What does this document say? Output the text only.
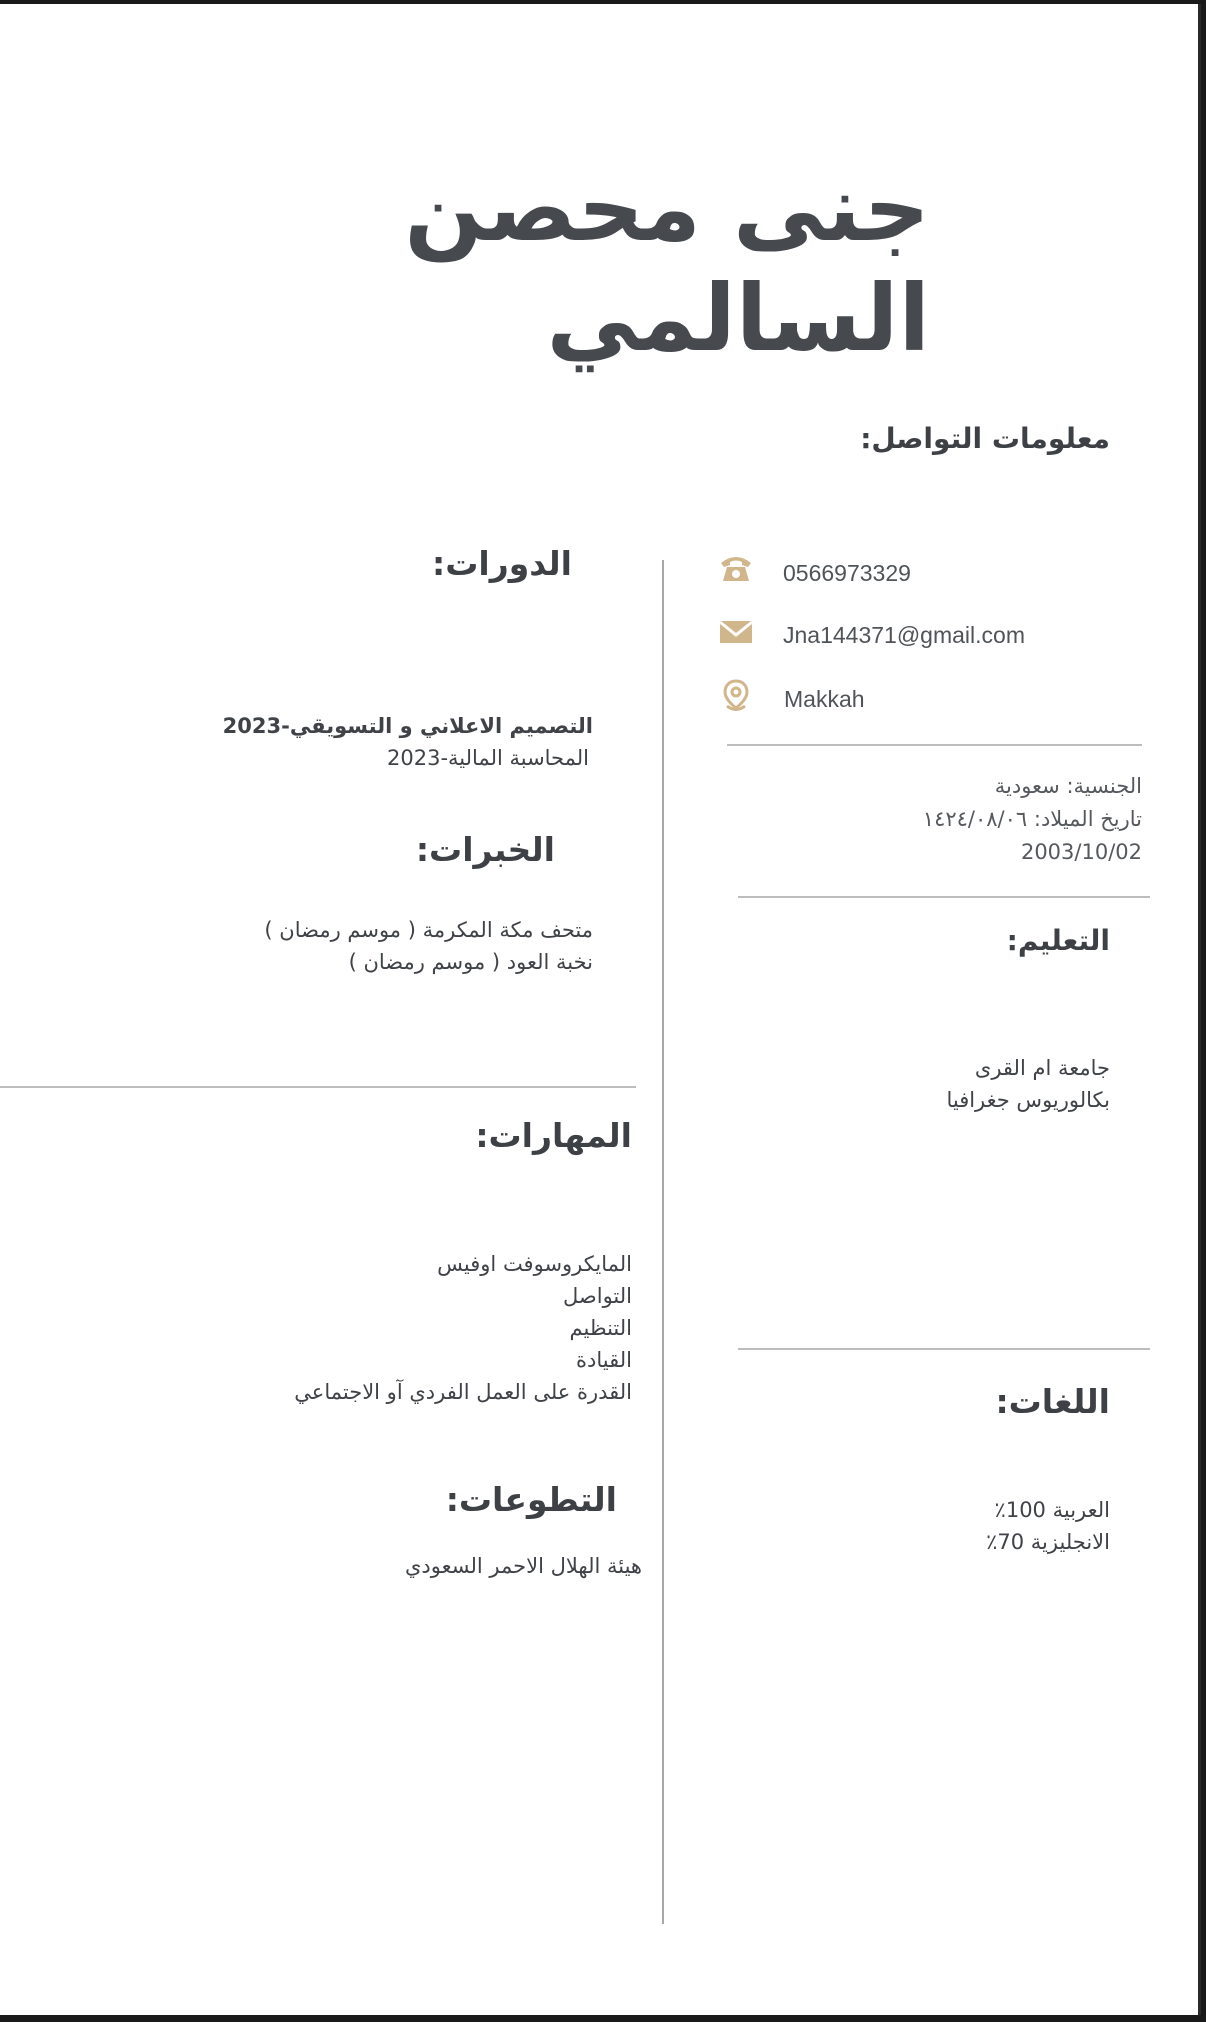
جنى محصن السالمي
معلومات التواصل:
0566973329
Jna144371@gmail.com
Makkah
الجنسية: سعودية
تاريخ الميلاد: ١٤٢٤/٠٨/٠٦
2003/10/02
التعليم:
جامعة ام القرى
بكالوريوس جغرافيا
اللغات:
العربية 100٪
الانجليزية 70٪
الدورات:
التصميم الاعلاني و التسويقي-2023
المحاسبة المالية-2023
الخبرات:
متحف مكة المكرمة ( موسم رمضان )
نخبة العود ( موسم رمضان )
المهارات:
المايكروسوفت اوفيس
التواصل
التنظيم
القيادة
القدرة على العمل الفردي آو الاجتماعي
التطوعات:
هيئة الهلال الاحمر السعودي
